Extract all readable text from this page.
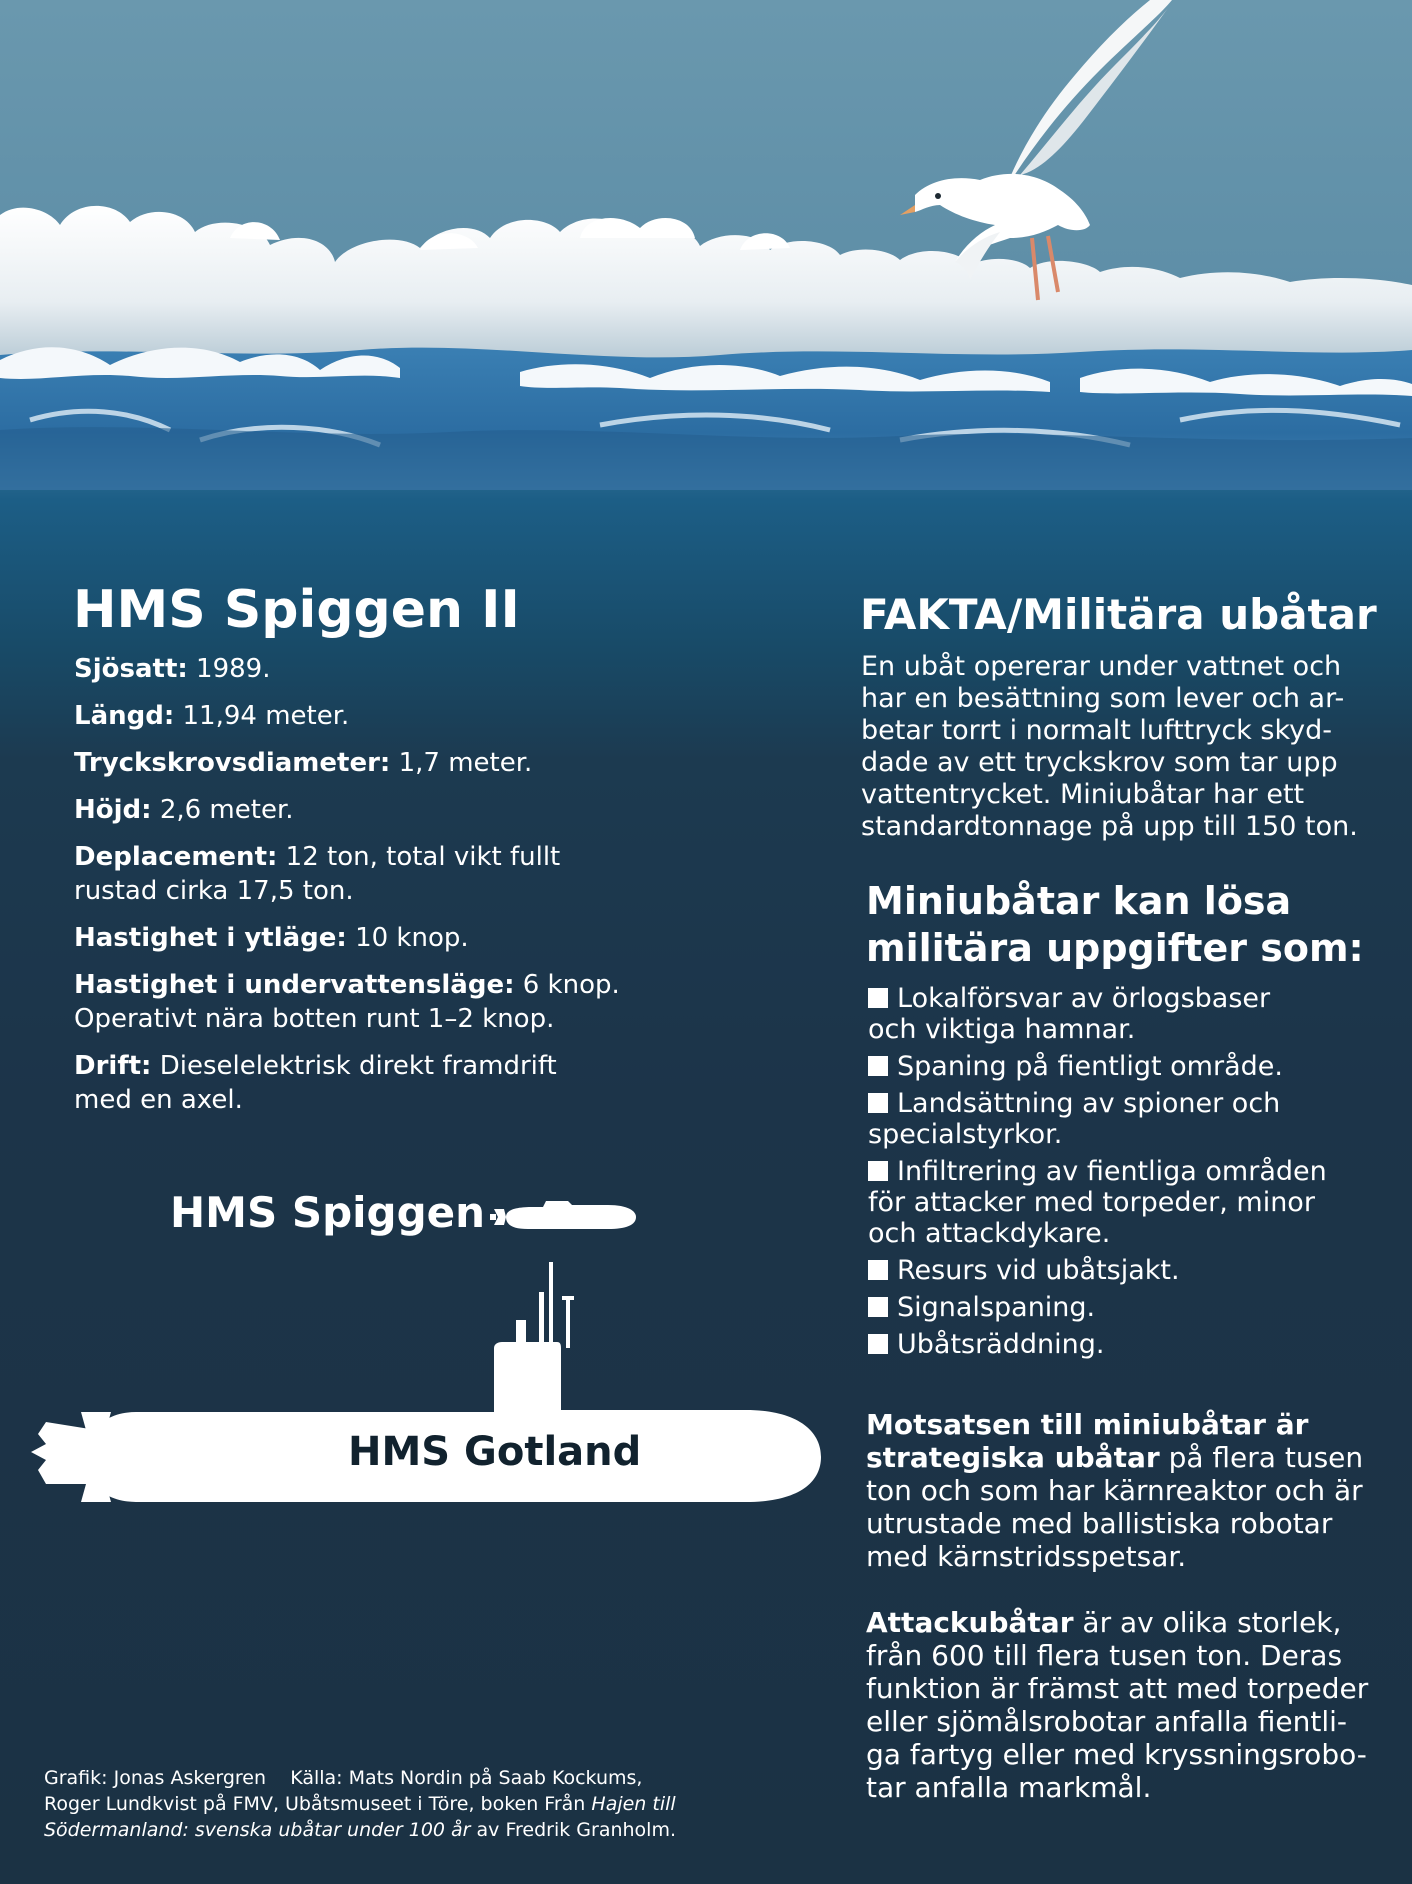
HMS Spiggen II

Sjösatt: 1989.

Längd: 11,94 meter.

Tryckskrovsdiameter: 1,7 meter.

Höjd: 2,6 meter.

Deplacement: 12 ton, total vikt fullt
rustad cirka 17,5 ton.

Hastighet i ytläge: 10 knop.

Hastighet i undervattensläge: 6 knop.
Operativt nära botten runt 1–2 knop.

Drift: Dieselelektrisk direkt framdrift
med en axel.

HMS Spiggen
HMS Gotland
Grafik: Jonas Askergren Källa: Mats Nordin på Saab Kockums,
Roger Lundkvist på FMV, Ubåtsmuseet i Töre, boken Från Hajen till
Södermanland: svenska ubåtar under 100 år av Fredrik Granholm.
FAKTA/Militära ubåtar
En ubåt opererar under vattnet och
har en besättning som lever och ar-
betar torrt i normalt lufttryck skyd-
dade av ett tryckskrov som tar upp
vattentrycket. Miniubåtar har ett
standardtonnage på upp till 150 ton.
Miniubåtar kan lösa
militära uppgifter som:
Lokalförsvar av örlogsbaser
och viktiga hamnar.
Spaning på fientligt område.
Landsättning av spioner och
specialstyrkor.
Infiltrering av fientliga områden
för attacker med torpeder, minor
och attackdykare.
Resurs vid ubåtsjakt.
Signalspaning.
Ubåtsräddning.
Motsatsen till miniubåtar är
strategiska ubåtar på flera tusen
ton och som har kärnreaktor och är
utrustade med ballistiska robotar
med kärnstridsspetsar.
Attackubåtar är av olika storlek,
från 600 till flera tusen ton. Deras
funktion är främst att med torpeder
eller sjömålsrobotar anfalla fientli-
ga fartyg eller med kryssningsrobo-
tar anfalla markmål.
